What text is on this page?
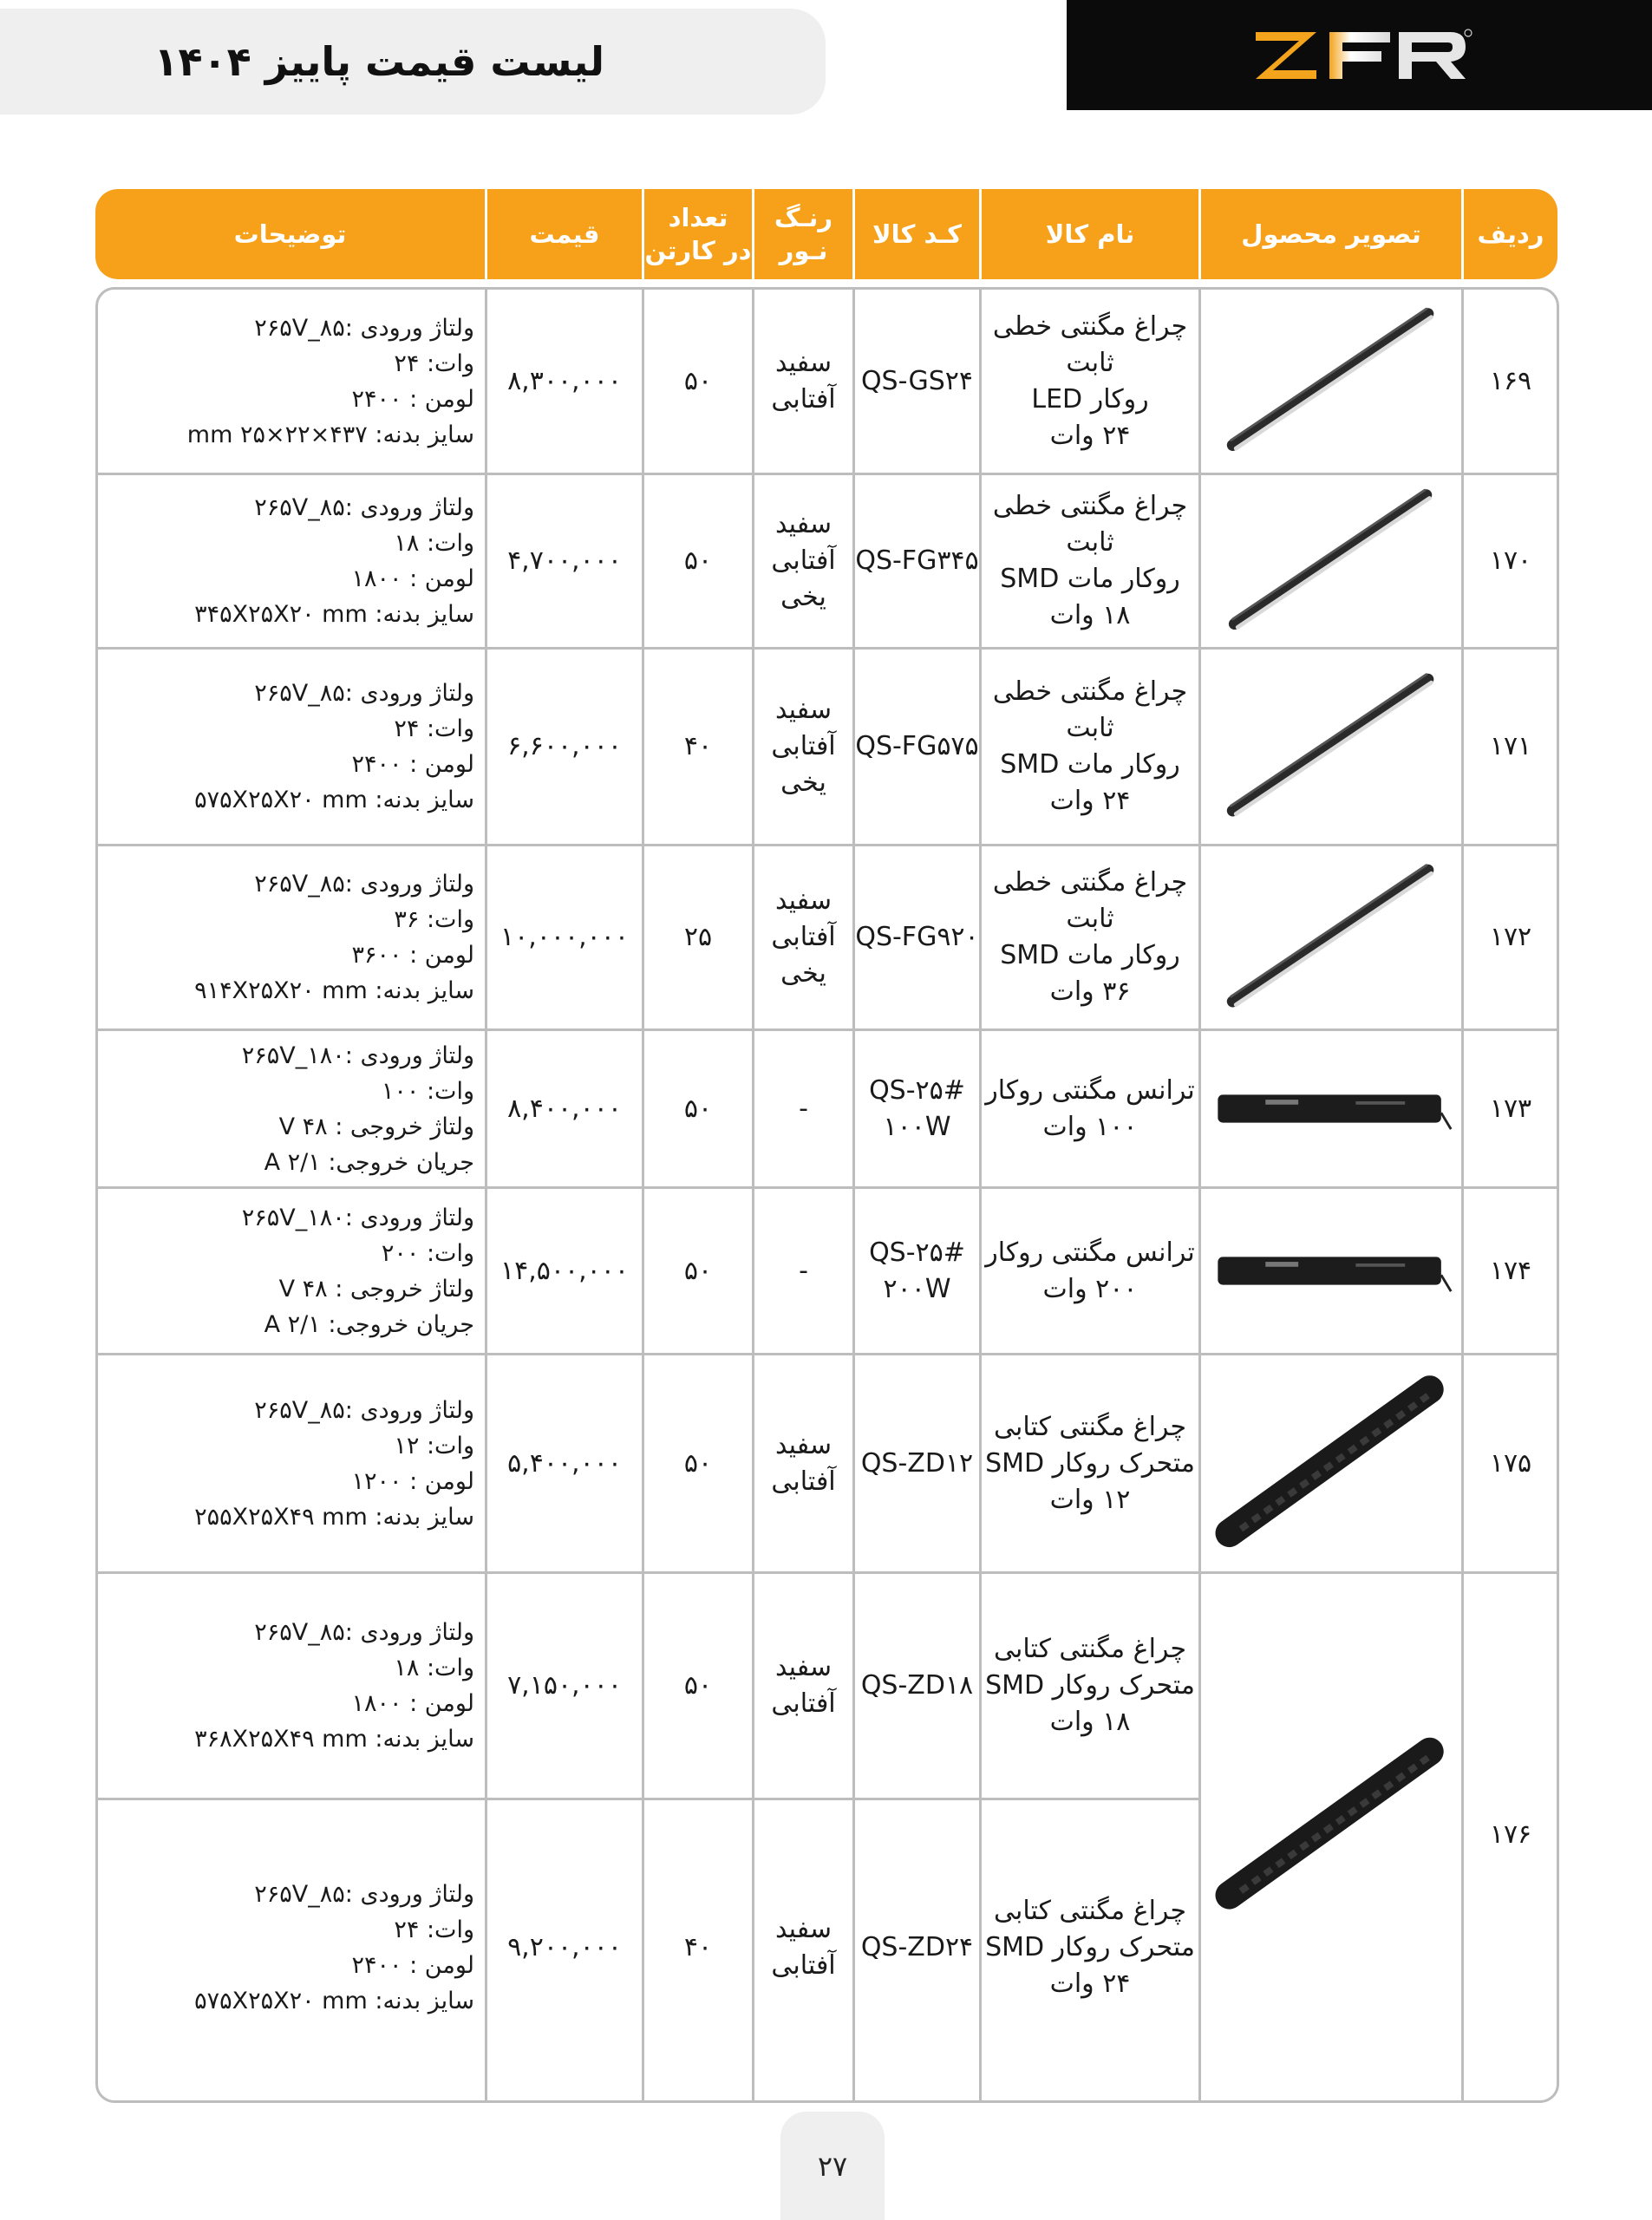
لیست قیمت پاییز ۱۴۰۴
ردیف
تصویر محصول
نام کالا
کـد کالا
رنـگ
نـور
تعداد
در کارتن
قیمت
توضیحات
۱۶۹
چراغ مگنتی خطی ثابت
روکار LED
۲۴ وات
QS-GS۲۴
سفید
آفتابی
۵۰
۸,۳۰۰,۰۰۰
ولتاژ ورودی :۸۵_۲۶۵V
وات: ۲۴
لومن : ۲۴۰۰
سایز بدنه: ۴۳۷×۲۲×۲۵ mm
۱۷۰
چراغ مگنتی خطی ثابت
روکار مات SMD
۱۸ وات
QS-FG۳۴۵
سفید
آفتابی
یخی
۵۰
۴,۷۰۰,۰۰۰
ولتاژ ورودی :۸۵_۲۶۵V
وات: ۱۸
لومن : ۱۸۰۰
سایز بدنه: ۳۴۵X۲۵X۲۰ mm
۱۷۱
چراغ مگنتی خطی ثابت
روکار مات SMD
۲۴ وات
QS-FG۵۷۵
سفید
آفتابی
یخی
۴۰
۶,۶۰۰,۰۰۰
ولتاژ ورودی :۸۵_۲۶۵V
وات: ۲۴
لومن : ۲۴۰۰
سایز بدنه: ۵۷۵X۲۵X۲۰ mm
۱۷۲
چراغ مگنتی خطی ثابت
روکار مات SMD
۳۶ وات
QS-FG۹۲۰
سفید
آفتابی
یخی
۲۵
۱۰,۰۰۰,۰۰۰
ولتاژ ورودی :۸۵_۲۶۵V
وات: ۳۶
لومن : ۳۶۰۰
سایز بدنه: ۹۱۴X۲۵X۲۰ mm
۱۷۳
ترانس مگنتی روکار
۱۰۰ وات
QS-۲۵#
۱۰۰W
-
۵۰
۸,۴۰۰,۰۰۰
ولتاژ ورودی :۱۸۰_۲۶۵V
وات: ۱۰۰
ولتاژ خروجی : ۴۸ V
جریان خروجی: ۲/۱ A
۱۷۴
ترانس مگنتی روکار
۲۰۰ وات
QS-۲۵#
۲۰۰W
-
۵۰
۱۴,۵۰۰,۰۰۰
ولتاژ ورودی :۱۸۰_۲۶۵V
وات: ۲۰۰
ولتاژ خروجی : ۴۸ V
جریان خروجی: ۲/۱ A
۱۷۵
چراغ مگنتی کتابی
متحرک روکار SMD
۱۲ وات
QS-ZD۱۲
سفید
آفتابی
۵۰
۵,۴۰۰,۰۰۰
ولتاژ ورودی :۸۵_۲۶۵V
وات: ۱۲
لومن : ۱۲۰۰
سایز بدنه: ۲۵۵X۲۵X۴۹ mm
۱۷۶
چراغ مگنتی کتابی
متحرک روکار SMD
۱۸ وات
QS-ZD۱۸
سفید
آفتابی
۵۰
۷,۱۵۰,۰۰۰
ولتاژ ورودی :۸۵_۲۶۵V
وات: ۱۸
لومن : ۱۸۰۰
سایز بدنه: ۳۶۸X۲۵X۴۹ mm
چراغ مگنتی کتابی
متحرک روکار SMD
۲۴ وات
QS-ZD۲۴
سفید
آفتابی
۴۰
۹,۲۰۰,۰۰۰
ولتاژ ورودی :۸۵_۲۶۵V
وات: ۲۴
لومن : ۲۴۰۰
سایز بدنه: ۵۷۵X۲۵X۲۰ mm
۲۷
